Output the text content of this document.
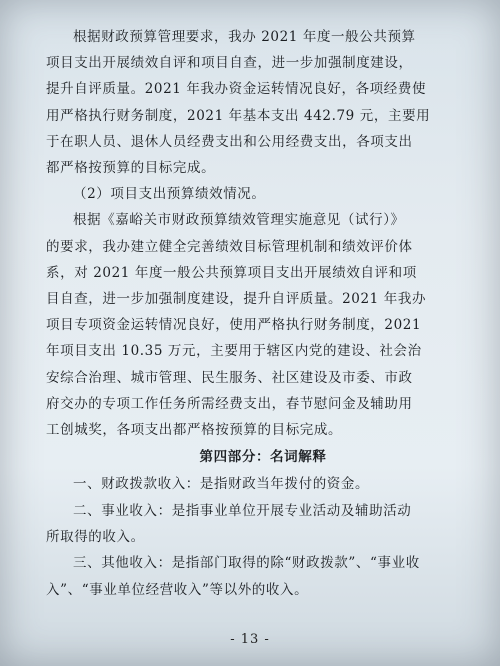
根据财政预算管理要求，我办 2021 年度一般公共预算
项目支出开展绩效自评和项目自查，进一步加强制度建设，
提升自评质量。2021 年我办资金运转情况良好，各项经费使
用严格执行财务制度，2021 年基本支出 442.79 元，主要用
于在职人员、退休人员经费支出和公用经费支出，各项支出
都严格按预算的目标完成。
（2）项目支出预算绩效情况。
根据《嘉峪关市财政预算绩效管理实施意见（试行）》
的要求，我办建立健全完善绩效目标管理机制和绩效评价体
系，对 2021 年度一般公共预算项目支出开展绩效自评和项
目自查，进一步加强制度建设，提升自评质量。2021 年我办
项目专项资金运转情况良好，使用严格执行财务制度，2021
年项目支出 10.35 万元，主要用于辖区内党的建设、社会治
安综合治理、城市管理、民生服务、社区建设及市委、市政
府交办的专项工作任务所需经费支出，春节慰问金及辅助用
工创城奖，各项支出都严格按预算的目标完成。

第四部分：名词解释

一、财政拨款收入：是指财政当年拨付的资金。
二、事业收入：是指事业单位开展专业活动及辅助活动
所取得的收入。
三、其他收入：是指部门取得的除“财政拨款”、“事业收
入”、“事业单位经营收入”等以外的收入。
- 13 -
